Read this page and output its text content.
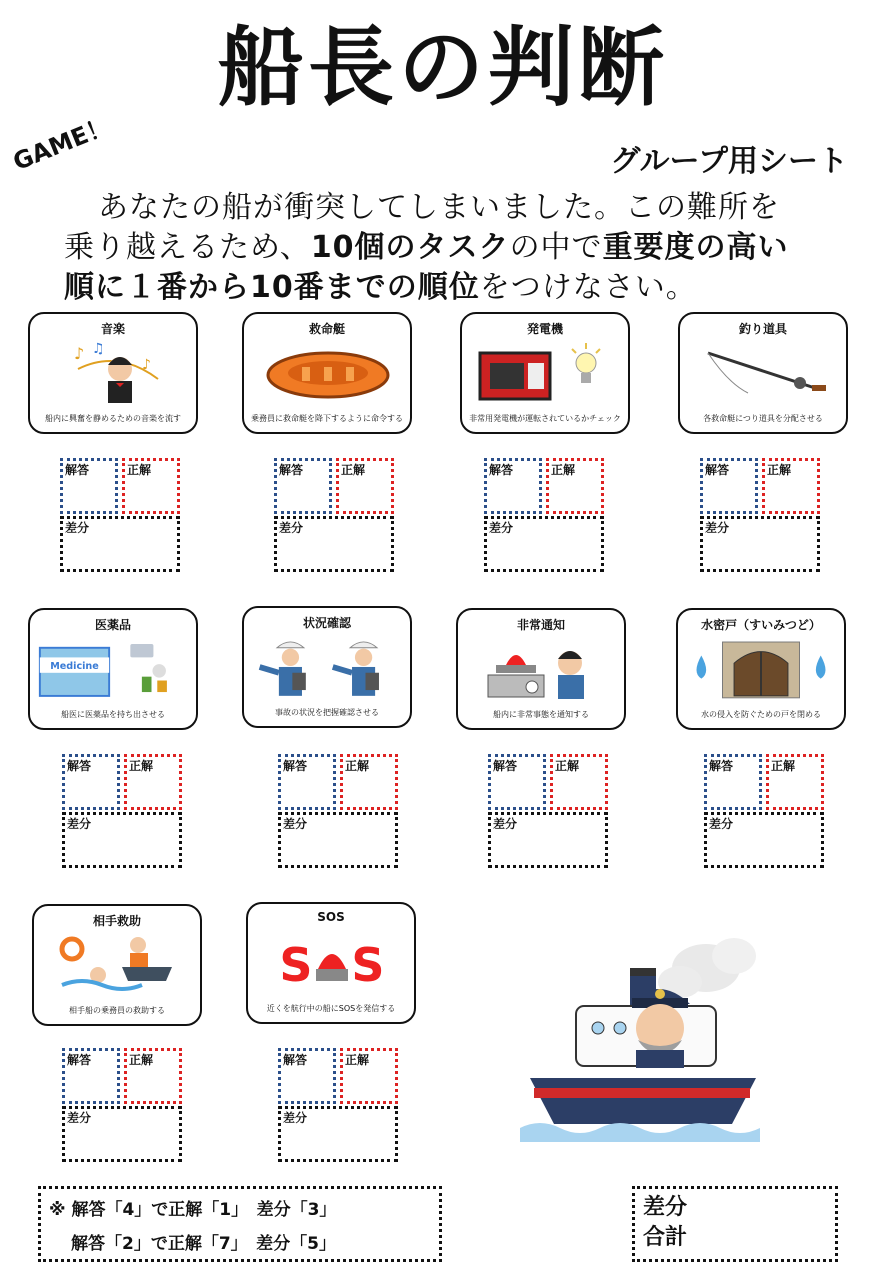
船長の判断
GAME！	グループ用シート
あなたの船が衝突してしまいました。この難所を
乗り越えるため、10個のタスクの中で重要度の高い
順に１番から10番までの順位をつけなさい。
音楽
♪ ♫
♪
船内に興奮を静めるための音楽を流す
解答	正解
差分
救命艇
乗務員に救命艇を降下するように命令する
解答	正解
差分
発電機
非常用発電機が運転されているかチェック
解答	正解
差分
釣り道具
各救命艇につり道具を分配させる
解答	正解
差分
医薬品
Medicine
船医に医薬品を持ち出させる
解答	正解
差分
状況確認
事故の状況を把握確認させる
解答	正解
差分
非常通知
船内に非常事態を通知する
解答	正解
差分
水密戸（すいみつど）
水の侵入を防ぐための戸を閉める
解答	正解
差分
相手救助
相手船の乗務員の救助する
解答	正解
差分
SOS
S S
近くを航行中の船にSOSを発信する
解答	正解
差分
※ 解答「4」で正解「1」　差分「3」
解答「2」で正解「7」　差分「5」
差分
合計
